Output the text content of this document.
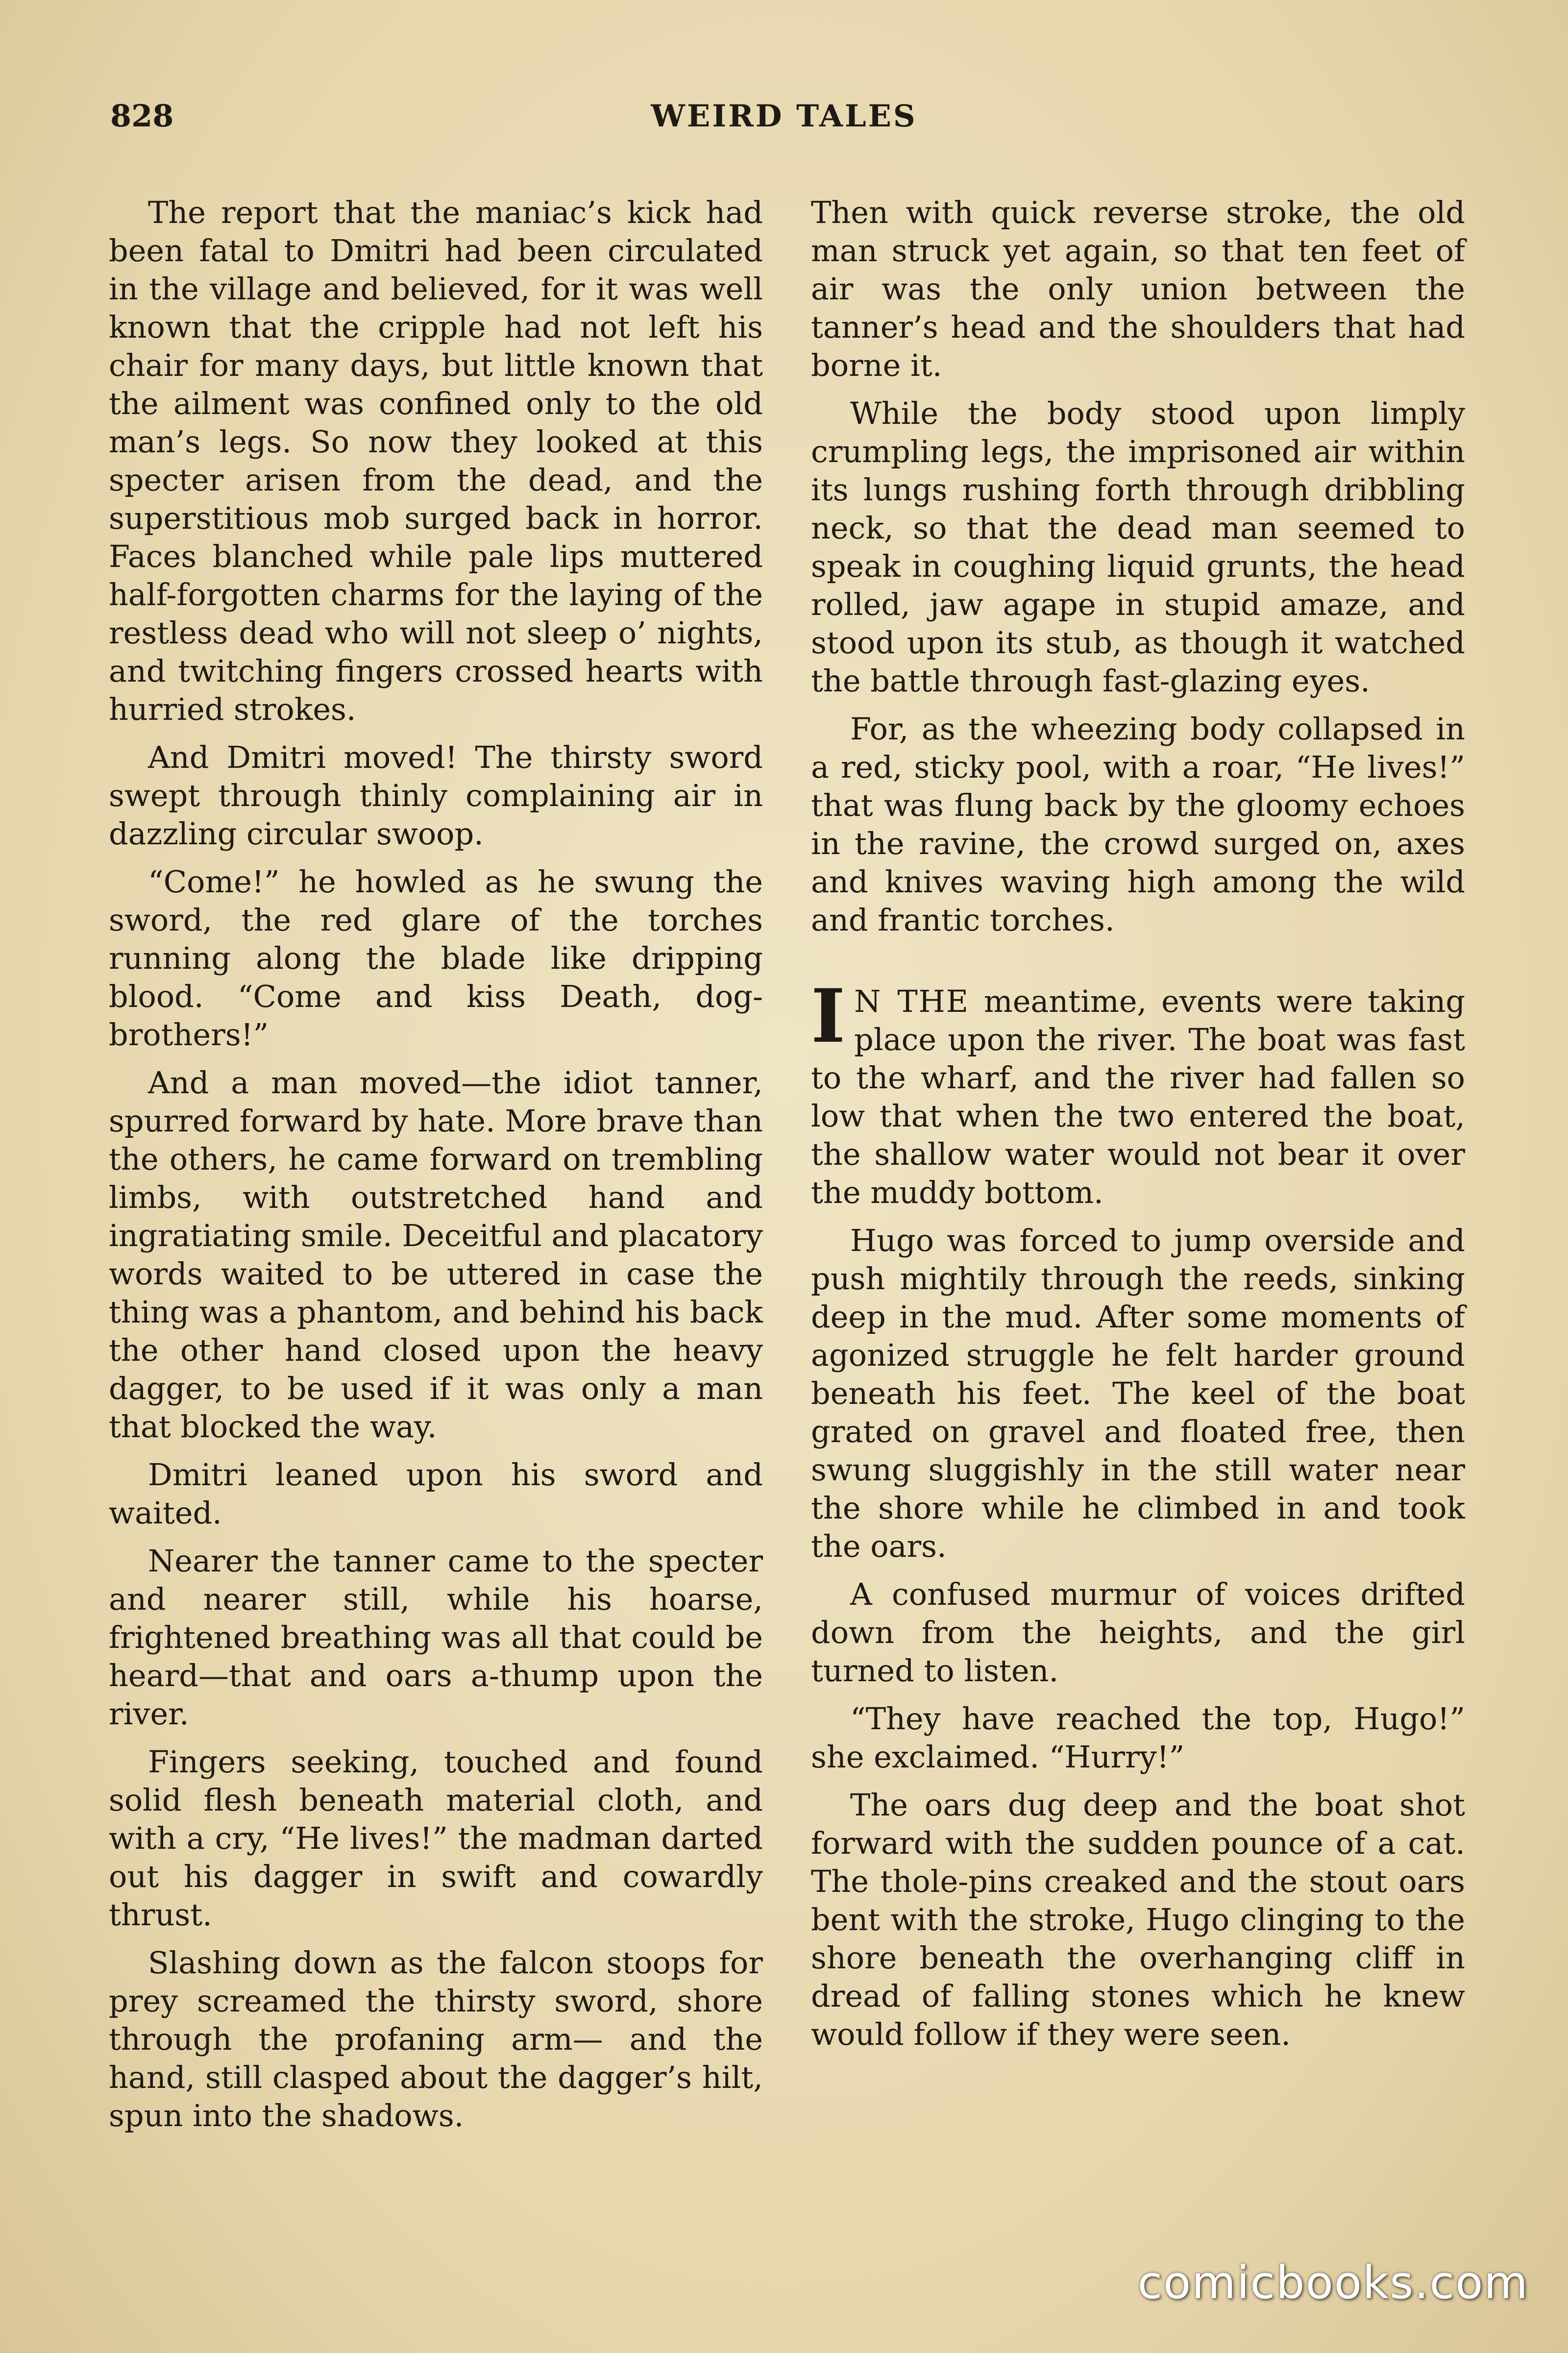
828	WEIRD TALES

The report that the maniac’s kick had been fatal to Dmitri had been circulated in the village and believed, for it was well known that the cripple had not left his chair for many days, but little known that the ailment was confined only to the old man’s legs. So now they looked at this specter arisen from the dead, and the superstitious mob surged back in horror. Faces blanched while pale lips muttered half-forgotten charms for the laying of the restless dead who will not sleep o’ nights, and twitching fingers crossed hearts with hurried strokes.

And Dmitri moved! The thirsty sword swept through thinly complaining air in dazzling circular swoop.

“Come!” he howled as he swung the sword, the red glare of the torches running along the blade like dripping blood. “Come and kiss Death, dog-brothers!”

And a man moved—the idiot tanner, spurred forward by hate. More brave than the others, he came forward on trembling limbs, with outstretched hand and ingratiating smile. Deceitful and placatory words waited to be uttered in case the thing was a phantom, and behind his back the other hand closed upon the heavy dagger, to be used if it was only a man that blocked the way.

Dmitri leaned upon his sword and waited.

Nearer the tanner came to the specter and nearer still, while his hoarse, frightened breathing was all that could be heard—that and oars a-thump upon the river.

Fingers seeking, touched and found solid flesh beneath material cloth, and with a cry, “He lives!” the madman darted out his dagger in swift and cowardly thrust.

Slashing down as the falcon stoops for prey screamed the thirsty sword, shore through the profaning arm— and the hand, still clasped about the dagger’s hilt, spun into the shadows.

Then with quick reverse stroke, the old man struck yet again, so that ten feet of air was the only union between the tanner’s head and the shoulders that had borne it.

While the body stood upon limply crumpling legs, the imprisoned air within its lungs rushing forth through dribbling neck, so that the dead man seemed to speak in coughing liquid grunts, the head rolled, jaw agape in stupid amaze, and stood upon its stub, as though it watched the battle through fast-glazing eyes.

For, as the wheezing body collapsed in a red, sticky pool, with a roar, “He lives!” that was flung back by the gloomy echoes in the ravine, the crowd surged on, axes and knives waving high among the wild and frantic torches.

I N THE meantime, events were taking place upon the river. The boat was fast to the wharf, and the river had fallen so low that when the two entered the boat, the shallow water would not bear it over the muddy bottom.

Hugo was forced to jump overside and push mightily through the reeds, sinking deep in the mud. After some moments of agonized struggle he felt harder ground beneath his feet. The keel of the boat grated on gravel and floated free, then swung sluggishly in the still water near the shore while he climbed in and took the oars.

A confused murmur of voices drifted down from the heights, and the girl turned to listen.

“They have reached the top, Hugo!” she exclaimed. “Hurry!”

The oars dug deep and the boat shot forward with the sudden pounce of a cat. The thole-pins creaked and the stout oars bent with the stroke, Hugo clinging to the shore beneath the overhanging cliff in dread of falling stones which he knew would follow if they were seen.

comicbooks.com
